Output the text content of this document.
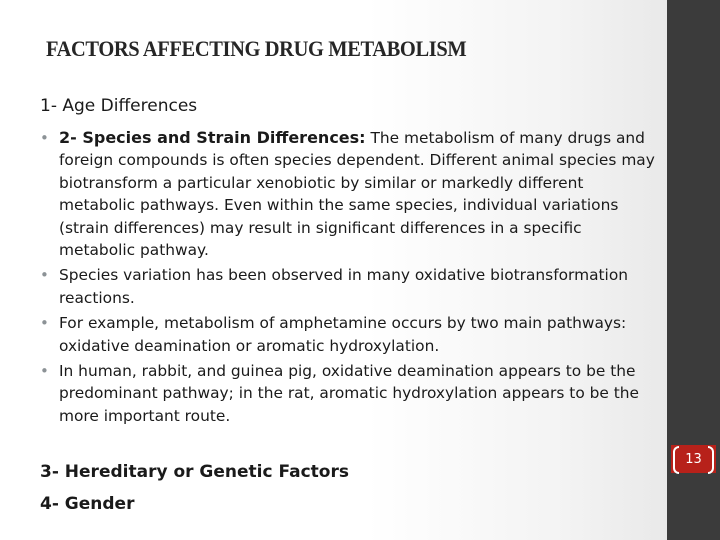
FACTORS AFFECTING DRUG METABOLISM
1- Age Differences
• 2- Species and Strain Differences: The metabolism of many drugs and foreign compounds is often species dependent. Different animal species may biotransform a particular xenobiotic by similar or markedly different metabolic pathways. Even within the same species, individual variations (strain differences) may result in significant differences in a specific metabolic pathway.
• Species variation has been observed in many oxidative biotransformation reactions.
• For example, metabolism of amphetamine occurs by two main pathways: oxidative deamination or aromatic hydroxylation.
• In human, rabbit, and guinea pig, oxidative deamination appears to be the predominant pathway; in the rat, aromatic hydroxylation appears to be the more important route.
3- Hereditary or Genetic Factors
4- Gender
13
